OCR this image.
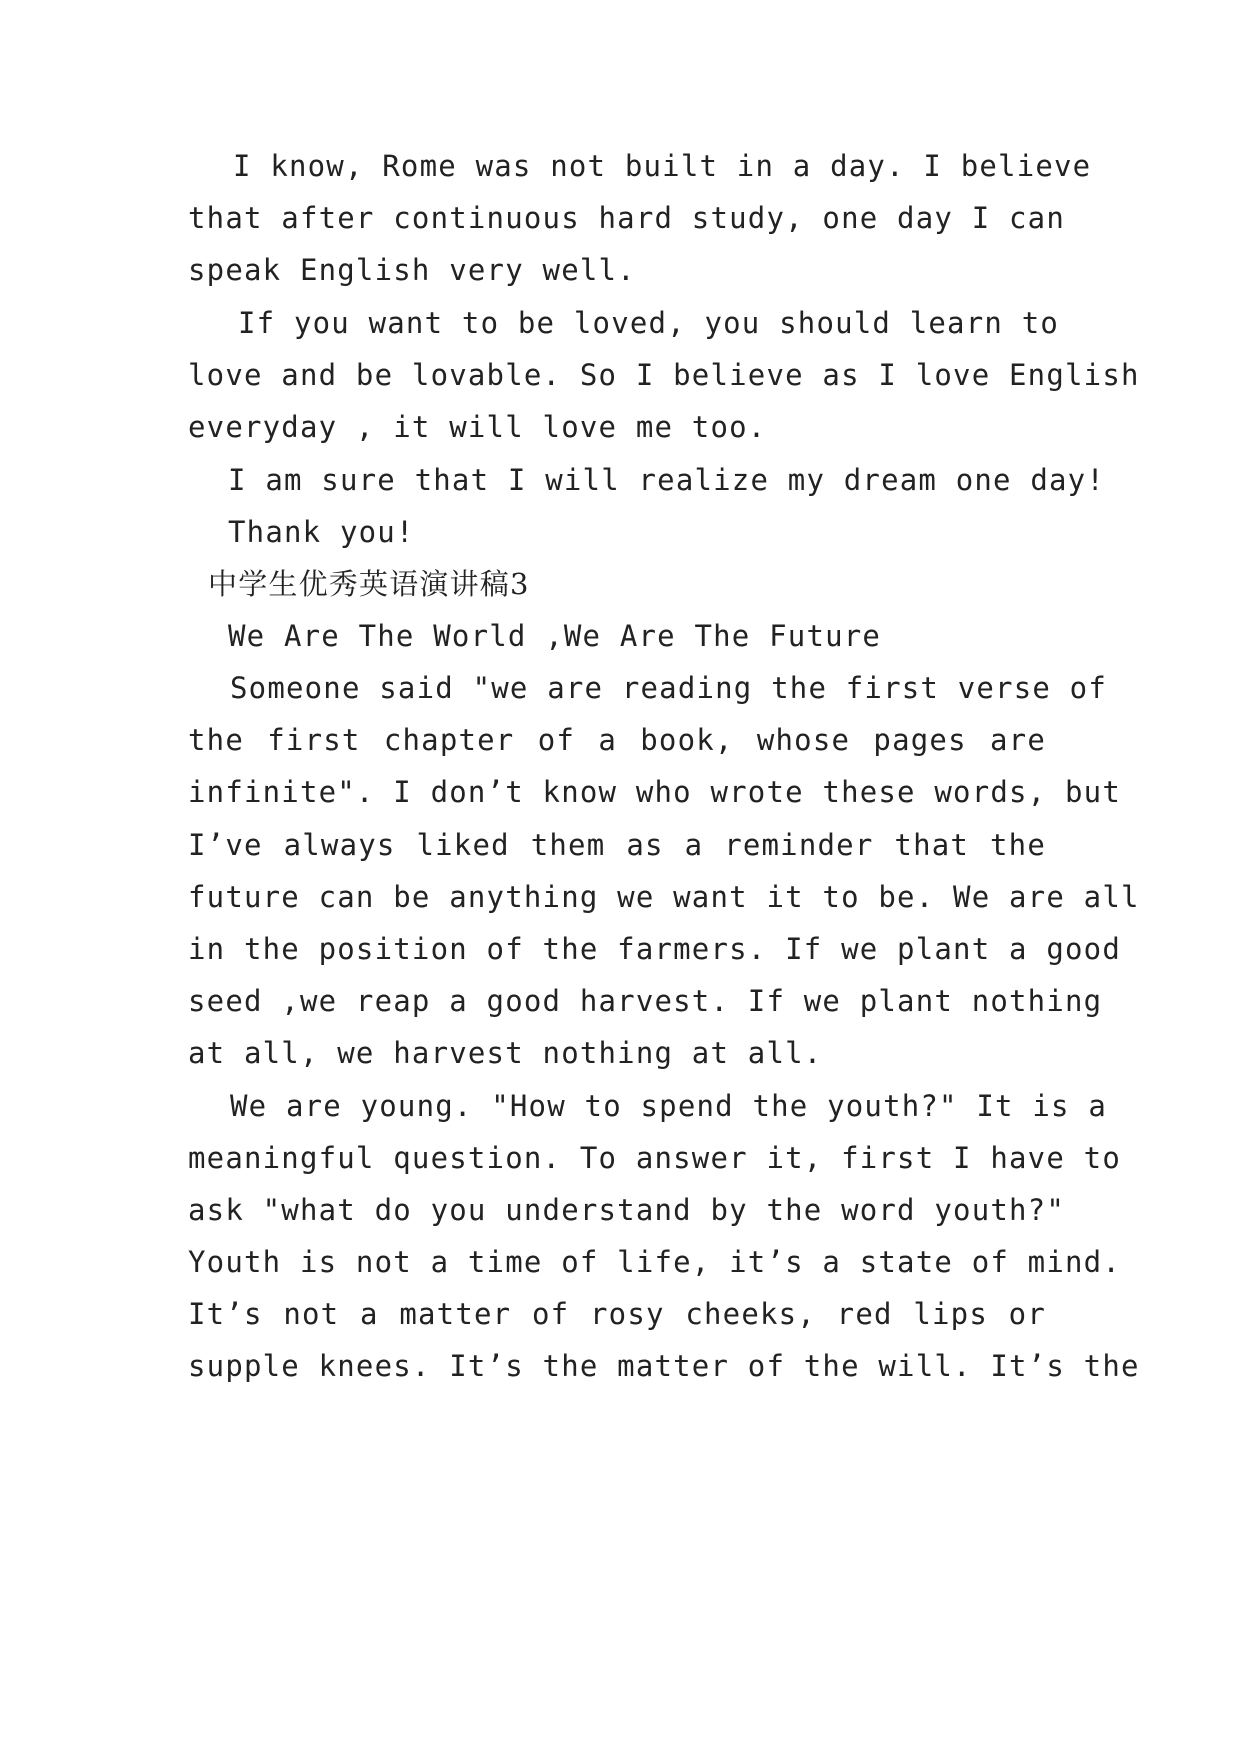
I know, Rome was not built in a day. I believe
that after continuous hard study, one day I can
speak English very well.
If you want to be loved, you should learn to
love and be lovable. So I believe as I love English
everyday , it will love me too.
I am sure that I will realize my dream one day!
Thank you!
中学生优秀英语演讲稿3
We Are The World ,We Are The Future
Someone said "we are reading the first verse of
the first chapter of a book, whose pages are
infinite". I don’t know who wrote these words, but
I’ve always liked them as a reminder that the
future can be anything we want it to be. We are all
in the position of the farmers. If we plant a good
seed ,we reap a good harvest. If we plant nothing
at all, we harvest nothing at all.
We are young. "How to spend the youth?" It is a
meaningful question. To answer it, first I have to
ask "what do you understand by the word youth?"
Youth is not a time of life, it’s a state of mind.
It’s not a matter of rosy cheeks, red lips or
supple knees. It’s the matter of the will. It’s the
